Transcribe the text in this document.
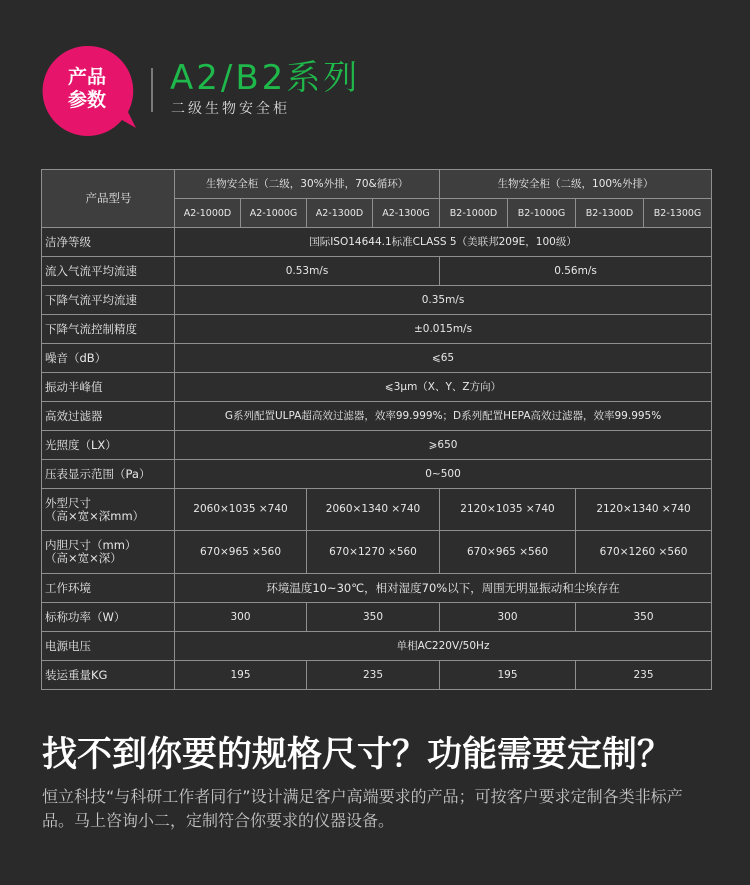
产品
参数
A2/B2系列
二级生物安全柜
产品型号	生物安全柜（二级，30%外排，70&循环）				生物安全柜（二级，100%外排）			
	A2-1000D	A2-1000G	A2-1300D	A2-1300G	B2-1000D	B2-1000G	B2-1300D	B2-1300G
洁净等级	国际ISO14644.1标准CLASS 5（美联邦209E，100级）							
流入气流平均流速	0.53m/s				0.56m/s			
下降气流平均流速	0.35m/s							
下降气流控制精度	±0.015m/s							
噪音（dB）	⩽65							
振动半峰值	⩽3μm（X、Y、Z方向）							
高效过滤器	G系列配置ULPA超高效过滤器，效率99.999%；D系列配置HEPA高效过滤器，效率99.995%							
光照度（LX）	⩾650							
压表显示范围（Pa）	0~500							

外型尺寸
（高×宽×深mm）	2060×1035 ×740		2060×1340 ×740		2120×1035 ×740		2120×1340 ×740	

内胆尺寸（mm）
（高×宽×深）	670×965 ×560		670×1270 ×560		670×965 ×560		670×1260 ×560	
工作环境	环境温度10~30℃，相对湿度70%以下，周围无明显振动和尘埃存在							
标称功率（W）	300		350		300		350	
电源电压	单相AC220V/50Hz							
装运重量KG	195		235		195		235	
找不到你要的规格尺寸？功能需要定制？
恒立科技“与科研工作者同行”设计满足客户高端要求的产品；可按客户要求定制各类非标产品。马上咨询小二，定制符合你要求的仪器设备。
